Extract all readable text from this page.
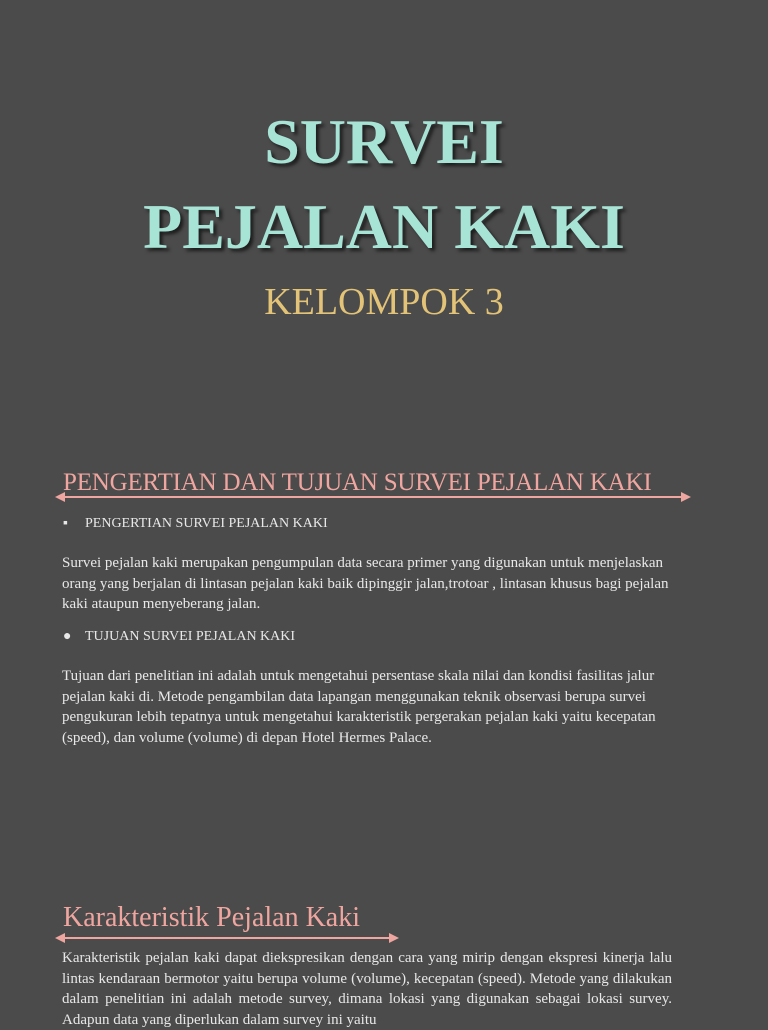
SURVEI
PEJALAN KAKI
KELOMPOK 3
PENGERTIAN DAN TUJUAN SURVEI PEJALAN KAKI
▪ PENGERTIAN SURVEI PEJALAN KAKI

Survei pejalan kaki merupakan pengumpulan data secara primer yang digunakan untuk menjelaskan orang yang berjalan di lintasan pejalan kaki baik dipinggir jalan,trotoar , lintasan khusus bagi pejalan kaki ataupun menyeberang jalan.

● TUJUAN SURVEI PEJALAN KAKI

Tujuan dari penelitian ini adalah untuk mengetahui persentase skala nilai dan kondisi fasilitas jalur pejalan kaki di. Metode pengambilan data lapangan menggunakan teknik observasi berupa survei pengukuran lebih tepatnya untuk mengetahui karakteristik pergerakan pejalan kaki yaitu kecepatan (speed), dan volume (volume) di depan Hotel Hermes Palace.

Karakteristik Pejalan Kaki

Karakteristik pejalan kaki dapat diekspresikan dengan cara yang mirip dengan ekspresi kinerja lalu lintas kendaraan bermotor yaitu berupa volume (volume), kecepatan (speed). Metode yang dilakukan dalam penelitian ini adalah metode survey, dimana lokasi yang digunakan sebagai lokasi survey. Adapun data yang diperlukan dalam survey ini yaitu
